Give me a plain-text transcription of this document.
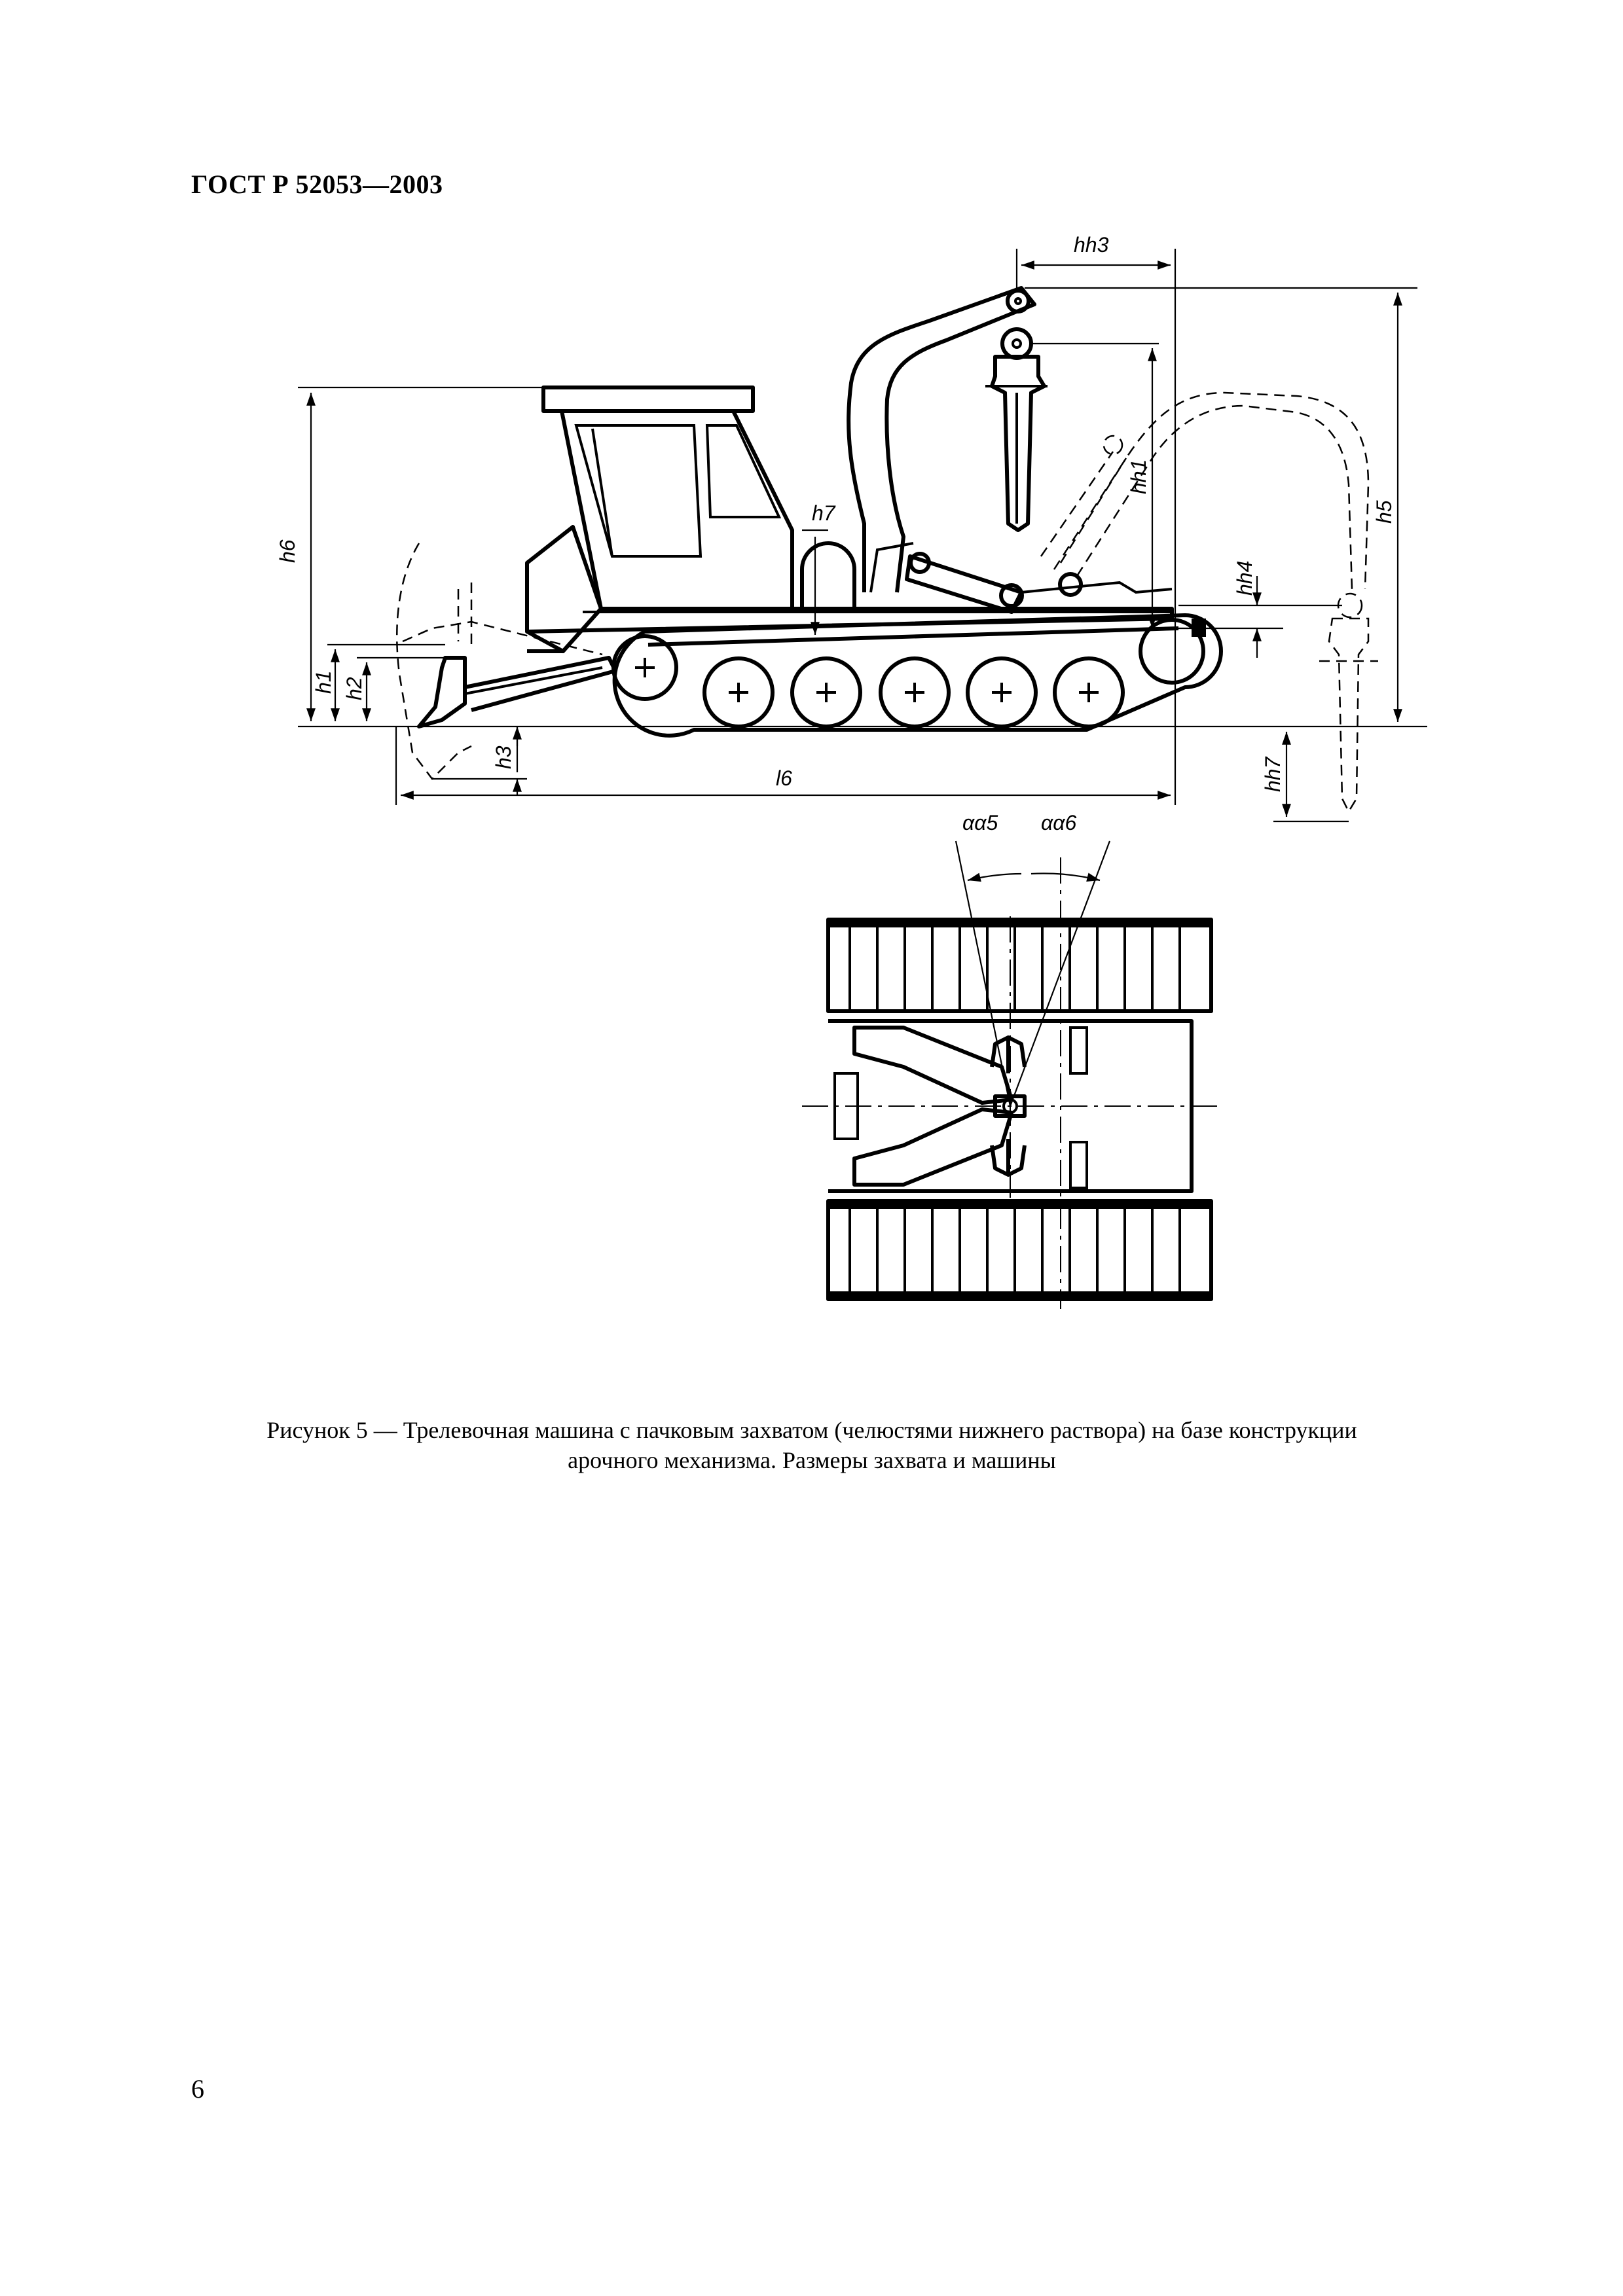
ГОСТ Р 52053—2003
h6
h1 h2
h3
l6
h7
hh3
hh1
h5
hh4
hh7
αα5 αα6
Рисунок 5 — Трелевочная машина с пачковым захватом (челюстями нижнего раствора) на базе конструкции
арочного механизма. Размеры захвата и машины
6
